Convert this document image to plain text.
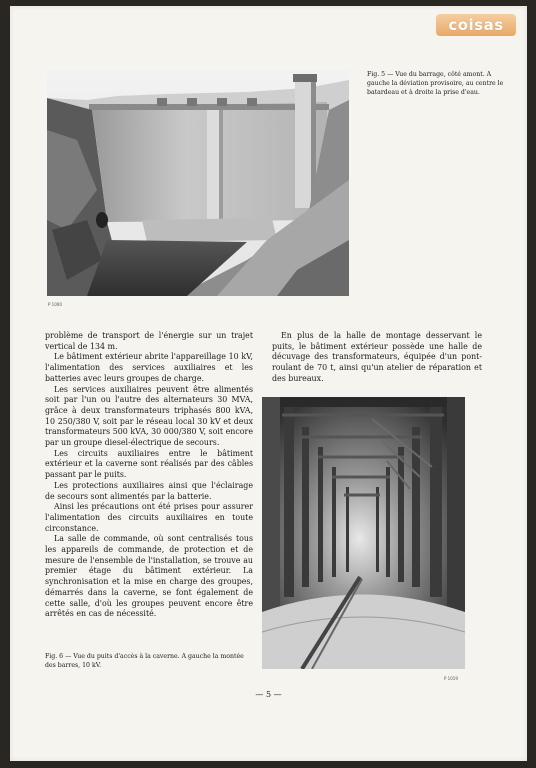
coisas
P 1000
Fig. 5 — Vue du barrage, côté amont. A gauche la déviation provisoire, au centre le batardeau et à droite la prise d'eau.

problème de transport de l'énergie sur un trajet vertical de 134 m.

Le bâtiment extérieur abrite l'appareillage 10 kV, l'alimentation des services auxiliaires et les batteries avec leurs groupes de charge.

Les services auxiliaires peuvent être alimentés soit par l'un ou l'autre des alternateurs 30 MVA, grâce à deux transformateurs triphasés 800 kVA, 10 250/380 V, soit par le réseau local 30 kV et deux transformateurs 500 kVA, 30 000/380 V, soit encore par un groupe diesel-électrique de secours.

Les circuits auxiliaires entre le bâtiment extérieur et la caverne sont réalisés par des câbles passant par le puits.

Les protections auxiliaires ainsi que l'éclairage de secours sont alimentés par la batterie.

Ainsi les précautions ont été prises pour assurer l'alimentation des circuits auxiliaires en toute circonstance.

La salle de commande, où sont centralisés tous les appareils de commande, de protection et de mesure de l'ensemble de l'installation, se trouve au premier étage du bâtiment extérieur. La synchronisation et la mise en charge des groupes, démarrés dans la caverne, se font également de cette salle, d'où les groupes peuvent encore être arrêtés en cas de nécessité.

En plus de la halle de montage desservant le puits, le bâtiment extérieur possède une halle de décuvage des transformateurs, équipée d'un pont-roulant de 70 t, ainsi qu'un atelier de réparation et des bureaux.

P 1019
Fig. 6 — Vue du puits d'accès à la caverne. A gauche la montée des barres, 10 kV.
— 5 —
